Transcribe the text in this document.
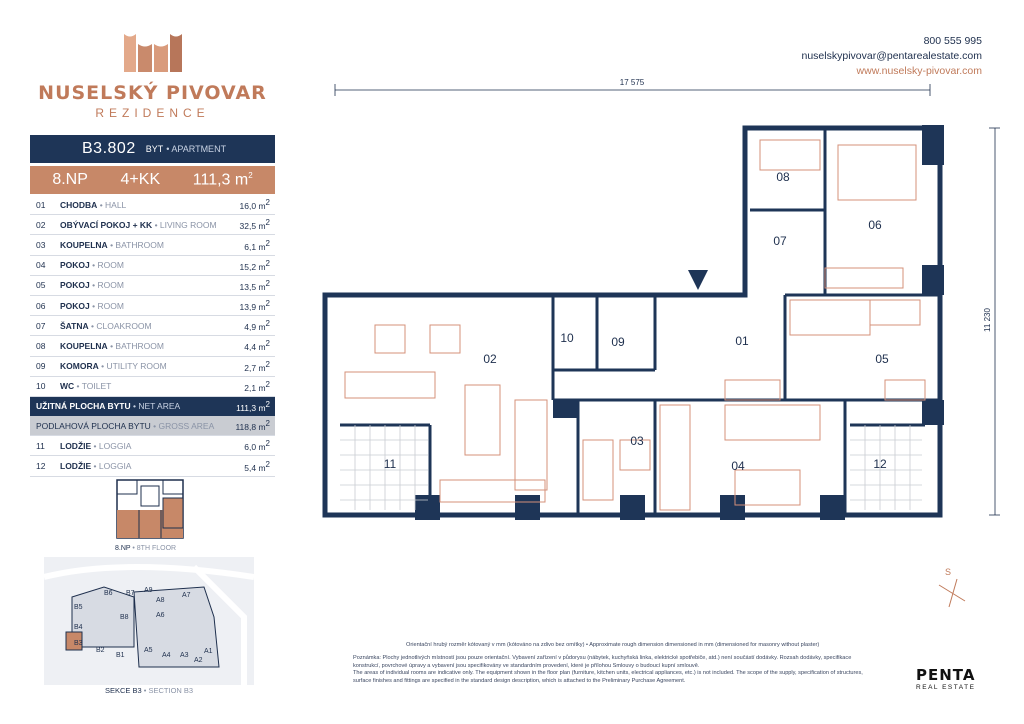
NUSELSKÝ PIVOVAR
REZIDENCE
B3.802 BYT • APARTMENT
8.NP 4+KK 111,3 $m^2$
01	CHODBA • HALL	16,0 $m^2$
02	OBÝVACÍ POKOJ + KK • LIVING ROOM	32,5 $m^2$
03	KOUPELNA • BATHROOM	6,1 $m^2$
04	POKOJ • ROOM	15,2 $m^2$
05	POKOJ • ROOM	13,5 $m^2$
06	POKOJ • ROOM	13,9 $m^2$
07	ŠATNA • CLOAKROOM	4,9 $m^2$
08	KOUPELNA • BATHROOM	4,4 $m^2$
09	KOMORA • UTILITY ROOM	2,7 $m^2$
10	WC • TOILET	2,1 $m^2$
UŽITNÁ PLOCHA BYTU • NET AREA	111,3 $m^2$
PODLAHOVÁ PLOCHA BYTU • GROSS AREA	118,8 $m^2$
11	LODŽIE • LOGGIA	6,0 $m^2$
12	LODŽIE • LOGGIA	5,4 $m^2$
8.NP • 8TH FLOOR
B6 B7
B5
B4
B3
B2
B1
A9
A8
A7
A6
A5
A4 A3
A2
A1
B8
SEKCE B3 • SECTION B3
800 555 995
nuselskypivovar@pentarealestate.com
www.nuselsky-pivovar.com
17 575
11 230
01
02
03
04
05
06
07
08
09
10
11	12
S
Orientační hrubý rozměr kótovaný v mm (kótováno na zdivo bez omítky) • Approximate rough dimension dimensioned in mm (dimensioned for masonry without plaster)
Poznámka: Plochy jednotlivých místností jsou pouze orientační. Vybavení zařízení v půdorysu (nábytek, kuchyňská linka, elektrické spotřebiče, atd.) není součástí dodávky. Rozsah dodávky, specifikace konstrukcí, povrchové úpravy a vybavení jsou specifikovány ve standardním provedení, které je přílohou Smlouvy o budoucí kupní smlouvě.
The areas of individual rooms are indicative only. The equipment shown in the floor plan (furniture, kitchen units, electrical appliances, etc.) is not included. The scope of the supply, specification of structures, surface finishes and fittings are specified in the standard design description, which is attached to the Preliminary Purchase Agreement.	PENTA
REAL ESTATE
